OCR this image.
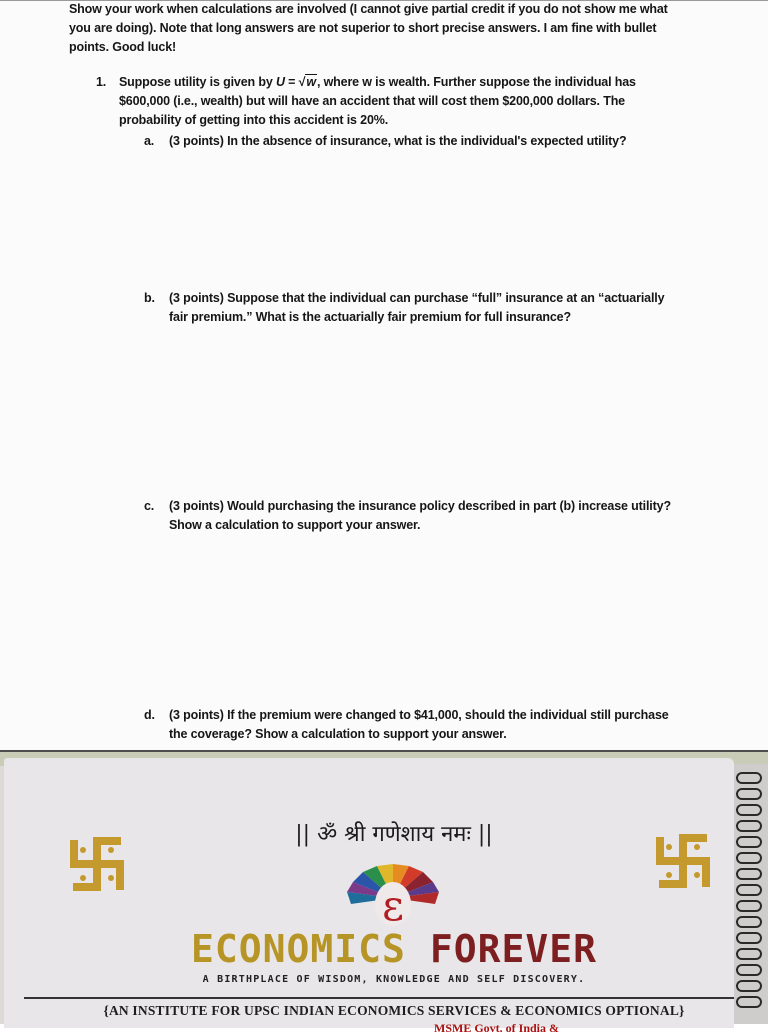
Show your work when calculations are involved (I cannot give partial credit if you do not show me what
you are doing). Note that long answers are not superior to short precise answers. I am fine with bullet
points. Good luck!
1. Suppose utility is given by U = √w, where w is wealth. Further suppose the individual has
$600,000 (i.e., wealth) but will have an accident that will cost them $200,000 dollars. The
probability of getting into this accident is 20%.
a. (3 points) In the absence of insurance, what is the individual's expected utility?
b. (3 points) Suppose that the individual can purchase “full” insurance at an “actuarially
fair premium.” What is the actuarially fair premium for full insurance?
c. (3 points) Would purchasing the insurance policy described in part (b) increase utility?
Show a calculation to support your answer.
d. (3 points) If the premium were changed to $41,000, should the individual still purchase
the coverage? Show a calculation to support your answer.
|| ॐ श्री गणेशाय नमः ||
ε
ECONOMICS FOREVER
A BIRTHPLACE OF WISDOM, KNOWLEDGE AND SELF DISCOVERY.
{AN INSTITUTE FOR UPSC INDIAN ECONOMICS SERVICES & ECONOMICS OPTIONAL}
MSME Govt. of India &
